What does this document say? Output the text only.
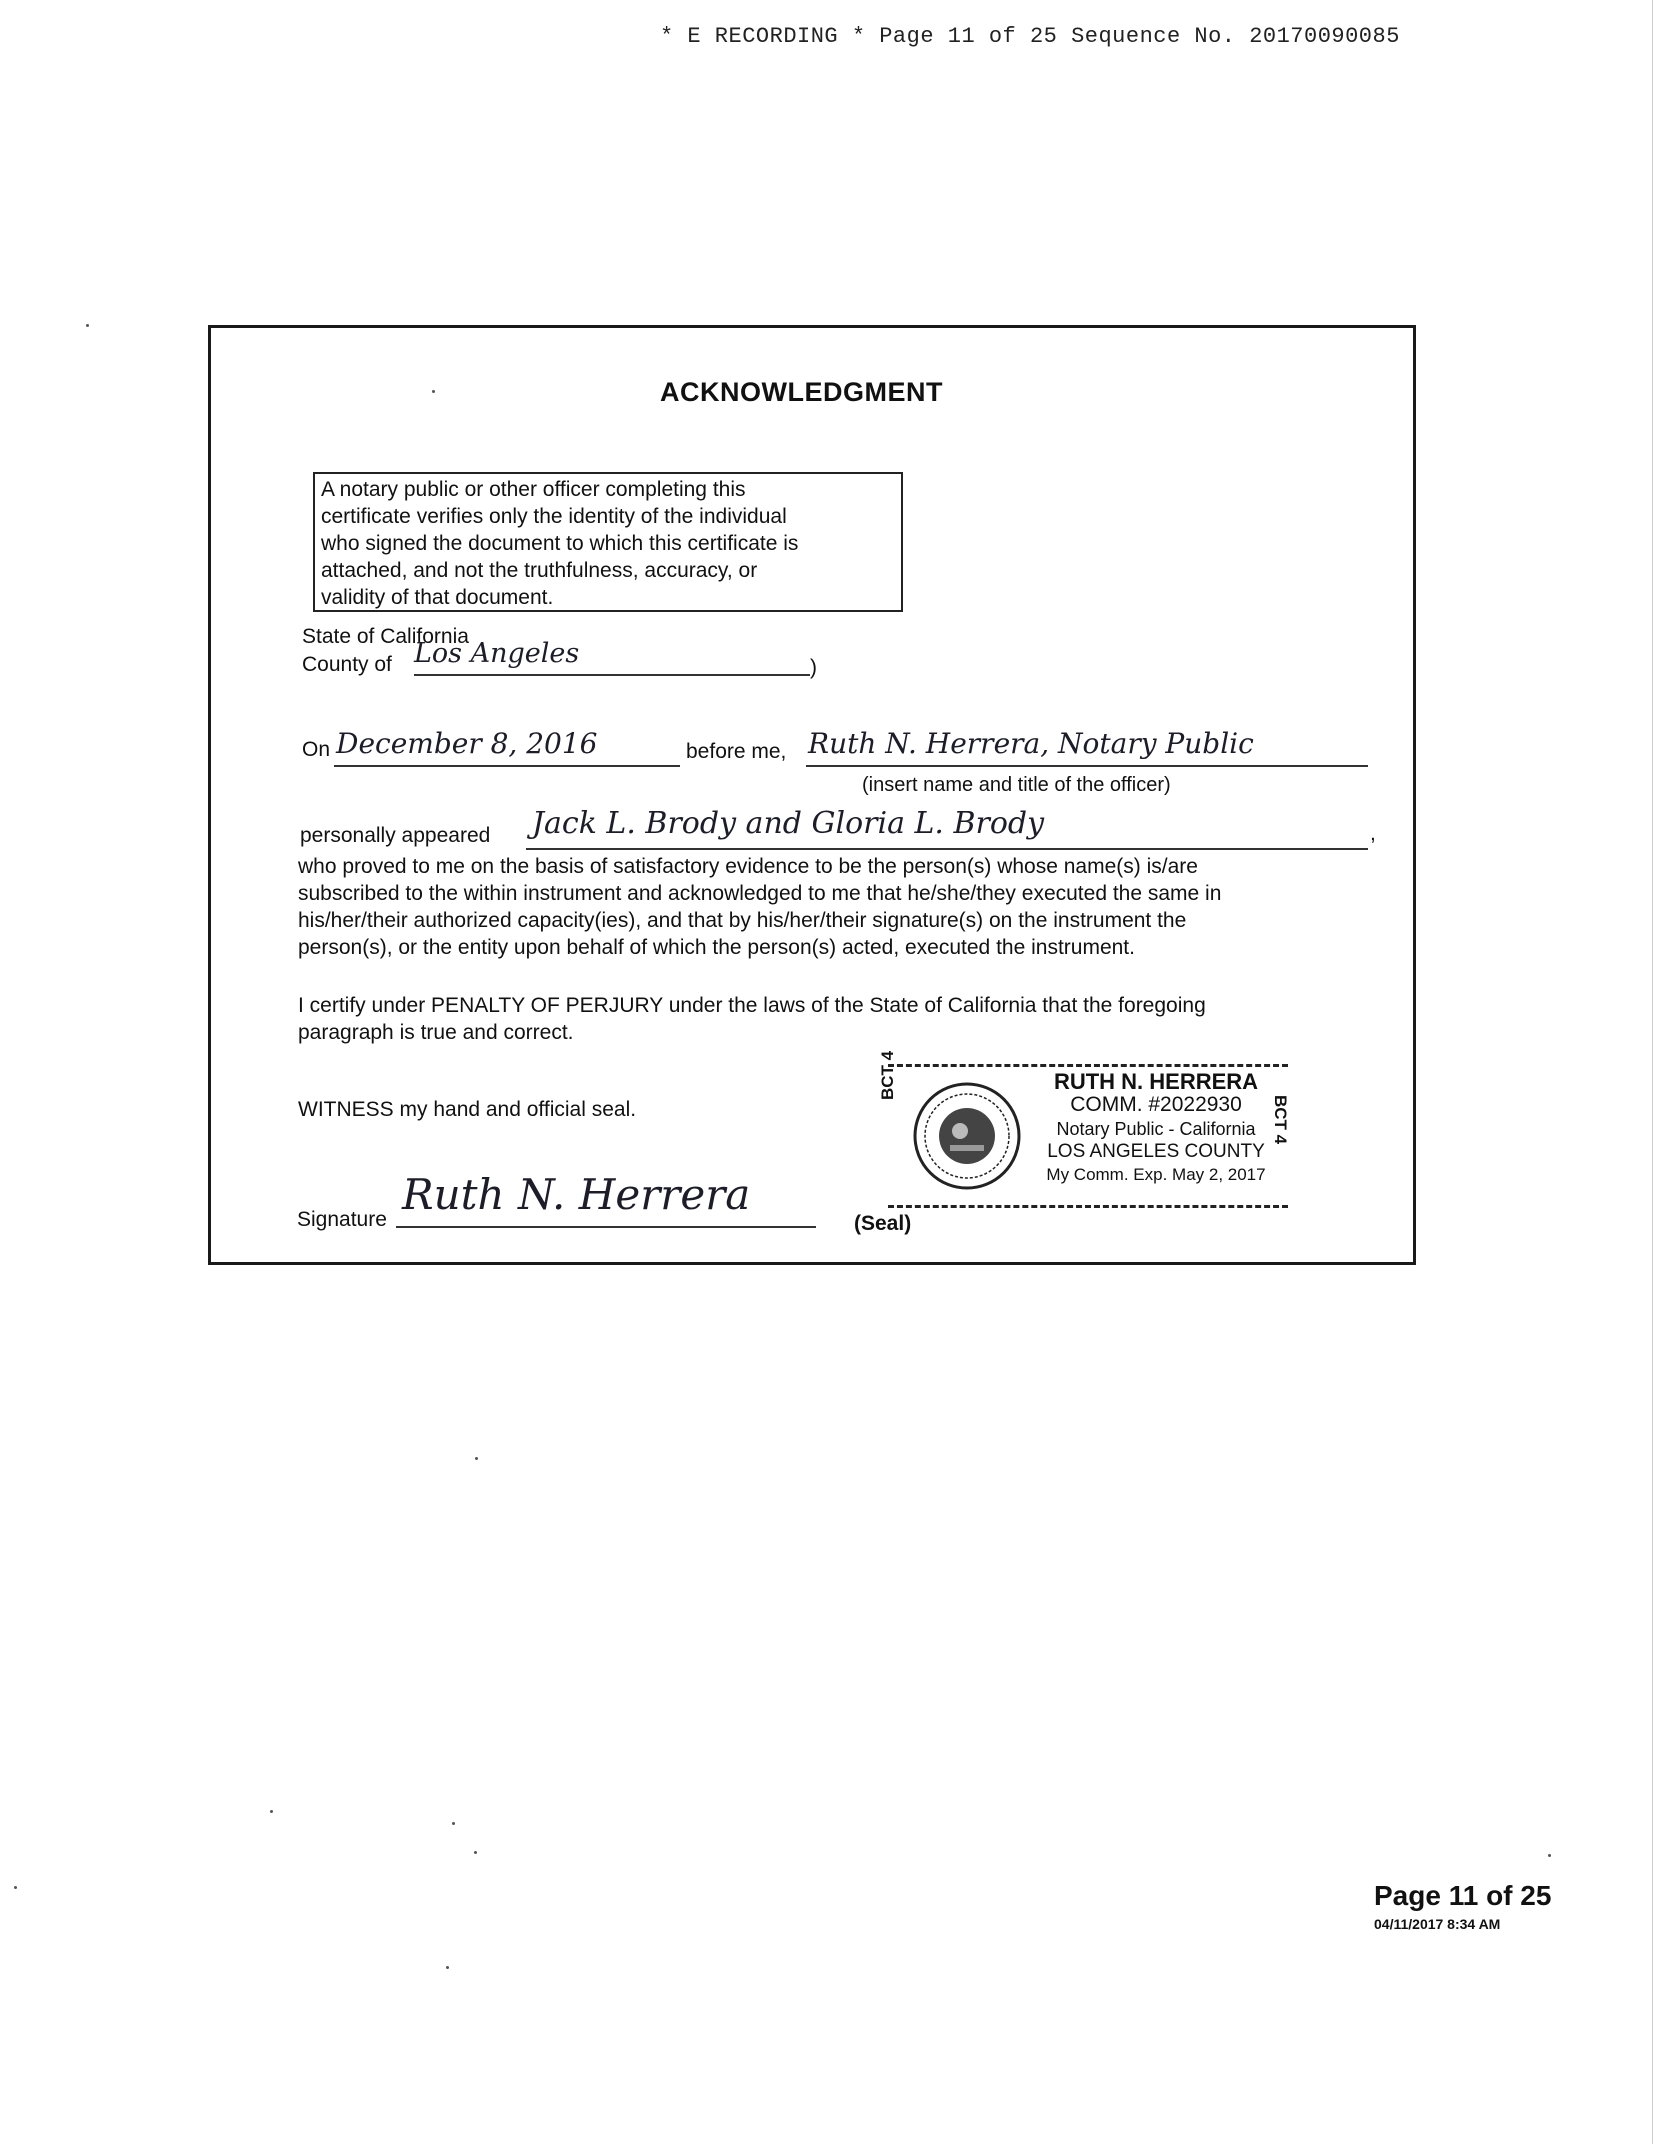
* E RECORDING * Page 11 of 25 Sequence No. 20170090085
ACKNOWLEDGMENT
A notary public or other officer completing this
certificate verifies only the identity of the individual
who signed the document to which this certificate is
attached, and not the truthfulness, accuracy, or
validity of that document.
State of California
County of Los Angeles	)
On December 8, 2016	before me, Ruth N. Herrera, Notary Public
(insert name and title of the officer)
personally appeared Jack L. Brody and Gloria L. Brody	,
who proved to me on the basis of satisfactory evidence to be the person(s) whose name(s) is/are
subscribed to the within instrument and acknowledged to me that he/she/they executed the same in
his/her/their authorized capacity(ies), and that by his/her/their signature(s) on the instrument the
person(s), or the entity upon behalf of which the person(s) acted, executed the instrument.
I certify under PENALTY OF PERJURY under the laws of the State of California that the foregoing
paragraph is true and correct.
WITNESS my hand and official seal.
Signature
Ruth N. Herrera
(Seal)
RUTH N. HERRERA
COMM. #2022930
Notary Public - California
LOS ANGELES COUNTY
My Comm. Exp. May 2, 2017
BCT 4
BCT 4
Page 11 of 25
04/11/2017 8:34 AM
